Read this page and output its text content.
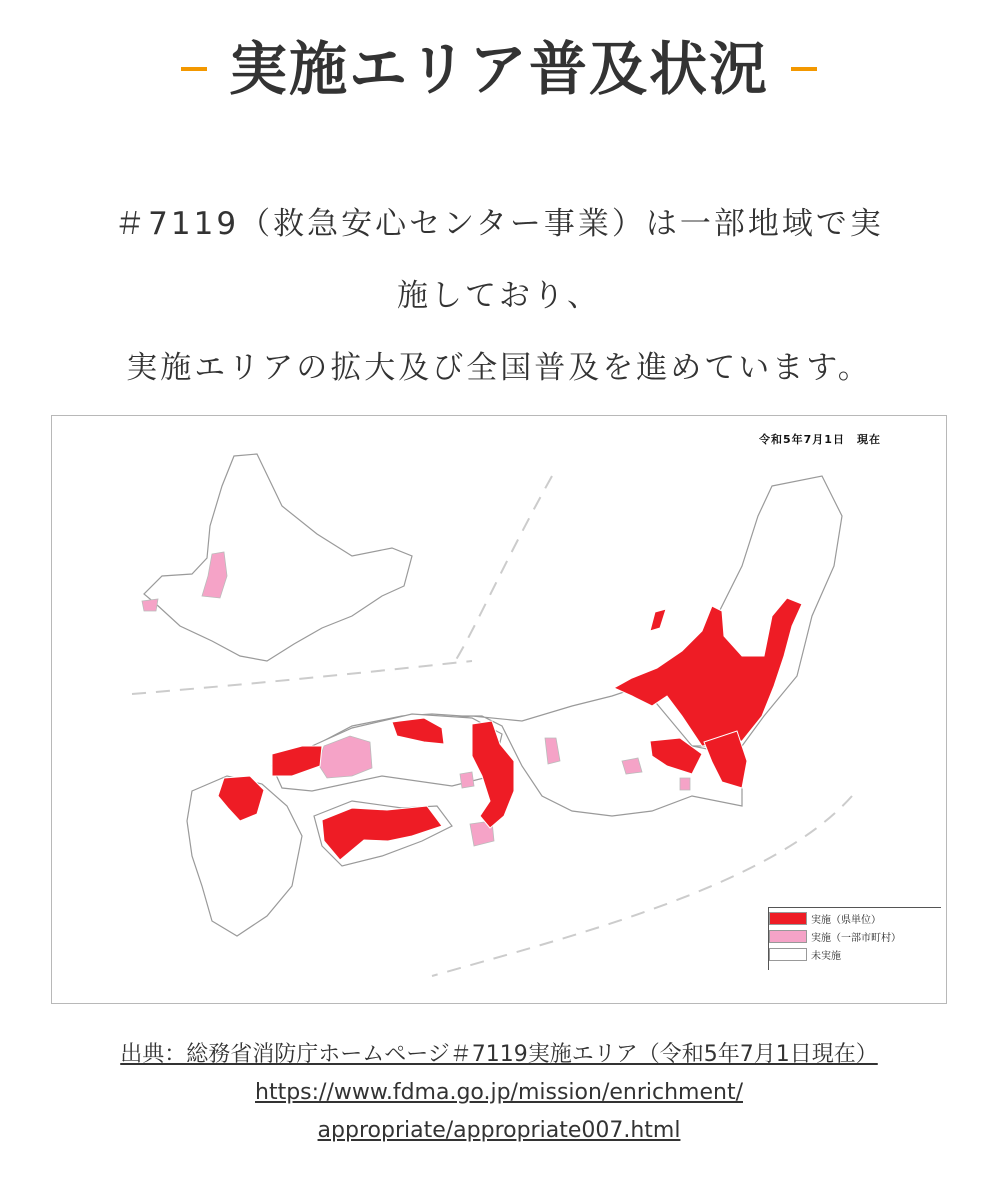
実施エリア普及状況
＃7119（救急安心センター事業）は一部地域で実
施しており、
実施エリアの拡大及び全国普及を進めています。
令和5年7月1日　現在
実施（県単位）
実施（一部市町村）
未実施
出典：総務省消防庁ホームページ＃7119実施エリア（令和5年7月1日現在）
https://www.fdma.go.jp/mission/enrichment/
appropriate/appropriate007.html
